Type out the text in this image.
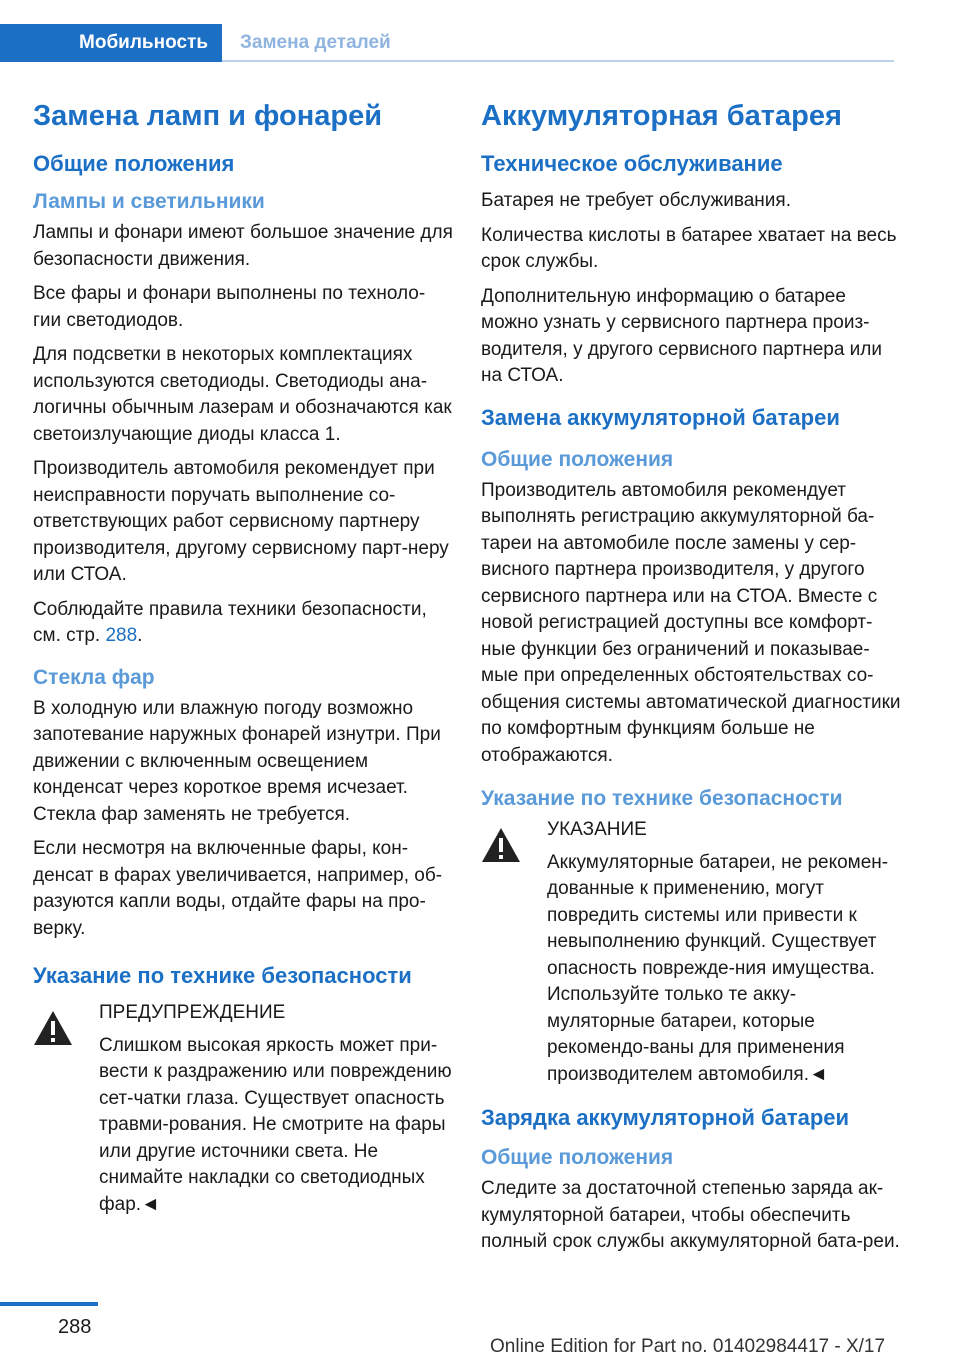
Мобильность	Замена деталей
Замена ламп и фонарей
Общие положения
Лампы и светильники
Лампы и фонари имеют большое значение для безопасности движения.
Все фары и фонари выполнены по техноло-гии светодиодов.
Для подсветки в некоторых комплектациях используются светодиоды. Светодиоды ана-логичны обычным лазерам и обозначаются как светоизлучающие диоды класса 1.
Производитель автомобиля рекомендует при неисправности поручать выполнение со-ответствующих работ сервисному партнеру производителя, другому сервисному парт-неру или СТОА.
Соблюдайте правила техники безопасности, см. стр. 288.
Стекла фар
В холодную или влажную погоду возможно запотевание наружных фонарей изнутри. При движении с включенным освещением конденсат через короткое время исчезает. Стекла фар заменять не требуется.
Если несмотря на включенные фары, кон-денсат в фарах увеличивается, например, об-разуются капли воды, отдайте фары на про-верку.
Указание по технике безопасности
ПРЕДУПРЕЖДЕНИЕ
Слишком высокая яркость может при-вести к раздражению или повреждению сет-чатки глаза. Существует опасность травми-рования. Не смотрите на фары или другие источники света. Не снимайте накладки со светодиодных фар.◄
Аккумуляторная батарея
Техническое обслуживание
Батарея не требует обслуживания.
Количества кислоты в батарее хватает на весь срок службы.
Дополнительную информацию о батарее можно узнать у сервисного партнера произ-водителя, у другого сервисного партнера или на СТОА.
Замена аккумуляторной батареи
Общие положения
Производитель автомобиля рекомендует выполнять регистрацию аккумуляторной ба-тареи на автомобиле после замены у сер-висного партнера производителя, у другого сервисного партнера или на СТОА. Вместе с новой регистрацией доступны все комфорт-ные функции без ограничений и показывае-мые при определенных обстоятельствах со-общения системы автоматической диагностики по комфортным функциям больше не отображаются.
Указание по технике безопасности
УКАЗАНИЕ
Аккумуляторные батареи, не рекомен-дованные к применению, могут повредить системы или привести к невыполнению функций. Существует опасность поврежде-ния имущества. Используйте только те акку-муляторные батареи, которые рекомендо-ваны для применения производителем автомобиля.◄
Зарядка аккумуляторной батареи
Общие положения
Следите за достаточной степенью заряда ак-кумуляторной батареи, чтобы обеспечить полный срок службы аккумуляторной бата-реи.
288
Online Edition for Part no. 01402984417 - X/17
